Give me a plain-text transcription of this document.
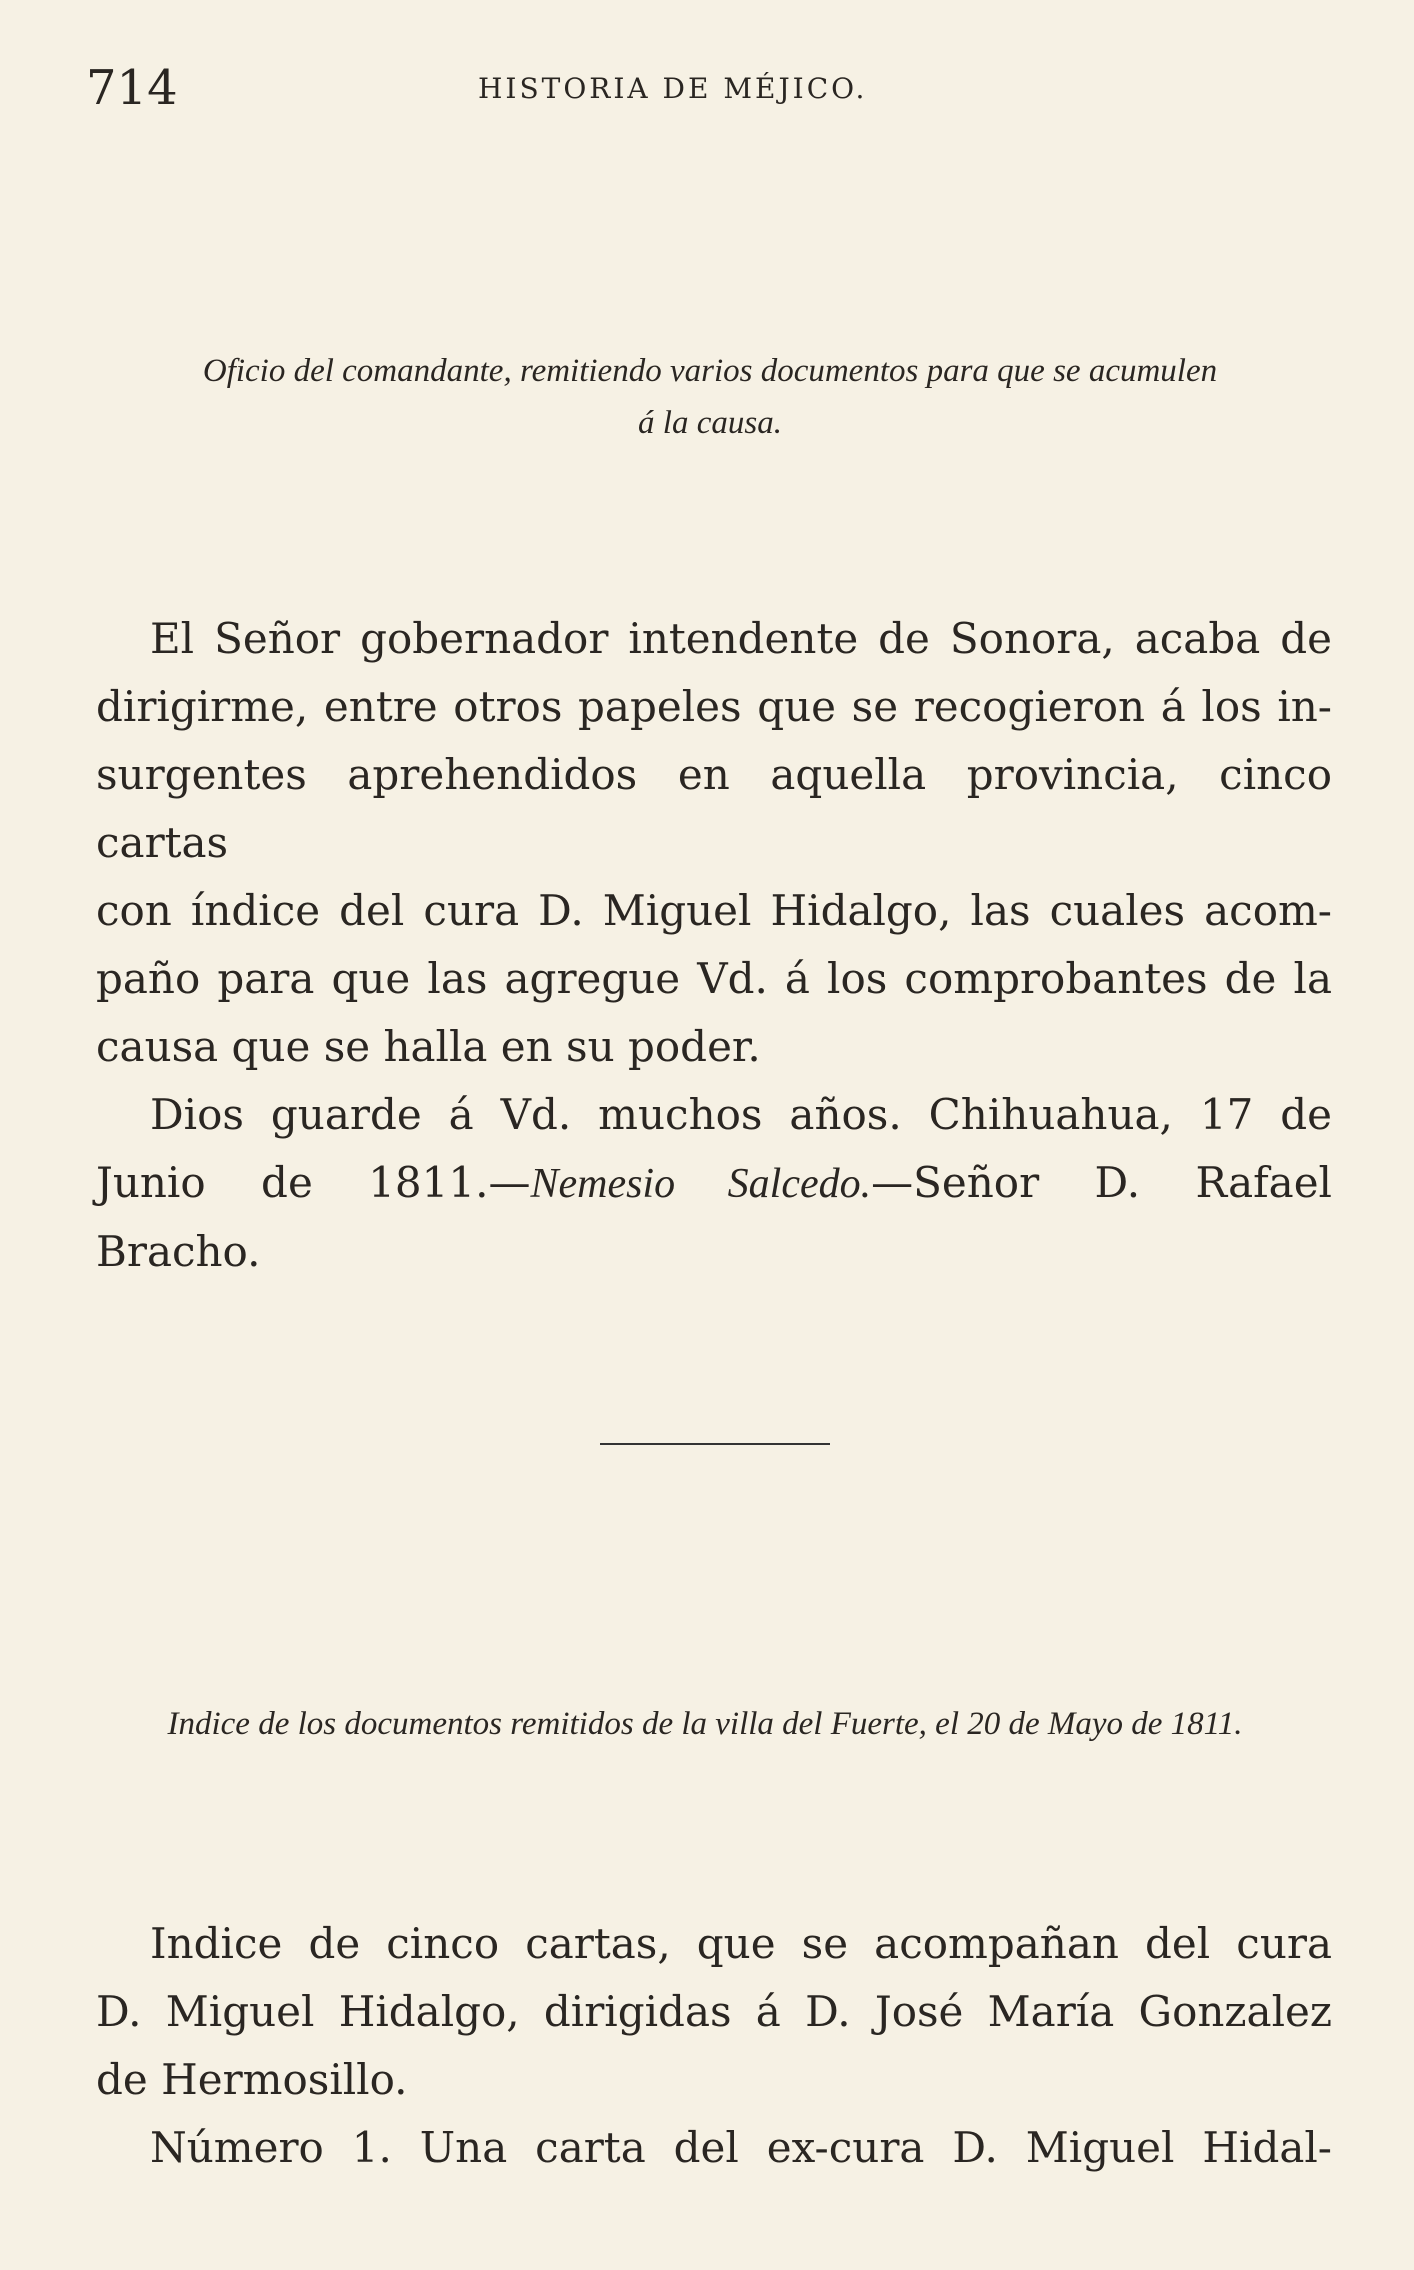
714	HISTORIA DE MÉJICO.
Oficio del comandante, remitiendo varios documentos para que se acumulen
á la causa.
El Señor gobernador intendente de Sonora, acaba de
dirigirme, entre otros papeles que se recogieron á los in-
surgentes aprehendidos en aquella provincia, cinco cartas
con índice del cura D. Miguel Hidalgo, las cuales acom-
paño para que las agregue Vd. á los comprobantes de la
causa que se halla en su poder.
Dios guarde á Vd. muchos años. Chihuahua, 17 de
Junio de 1811.—Nemesio Salcedo.—Señor D. Rafael
Bracho.
Indice de los documentos remitidos de la villa del Fuerte, el 20 de Mayo de 1811.
Indice de cinco cartas, que se acompañan del cura
D. Miguel Hidalgo, dirigidas á D. José María Gonzalez
de Hermosillo.
Número 1. Una carta del ex-cura D. Miguel Hidal-
